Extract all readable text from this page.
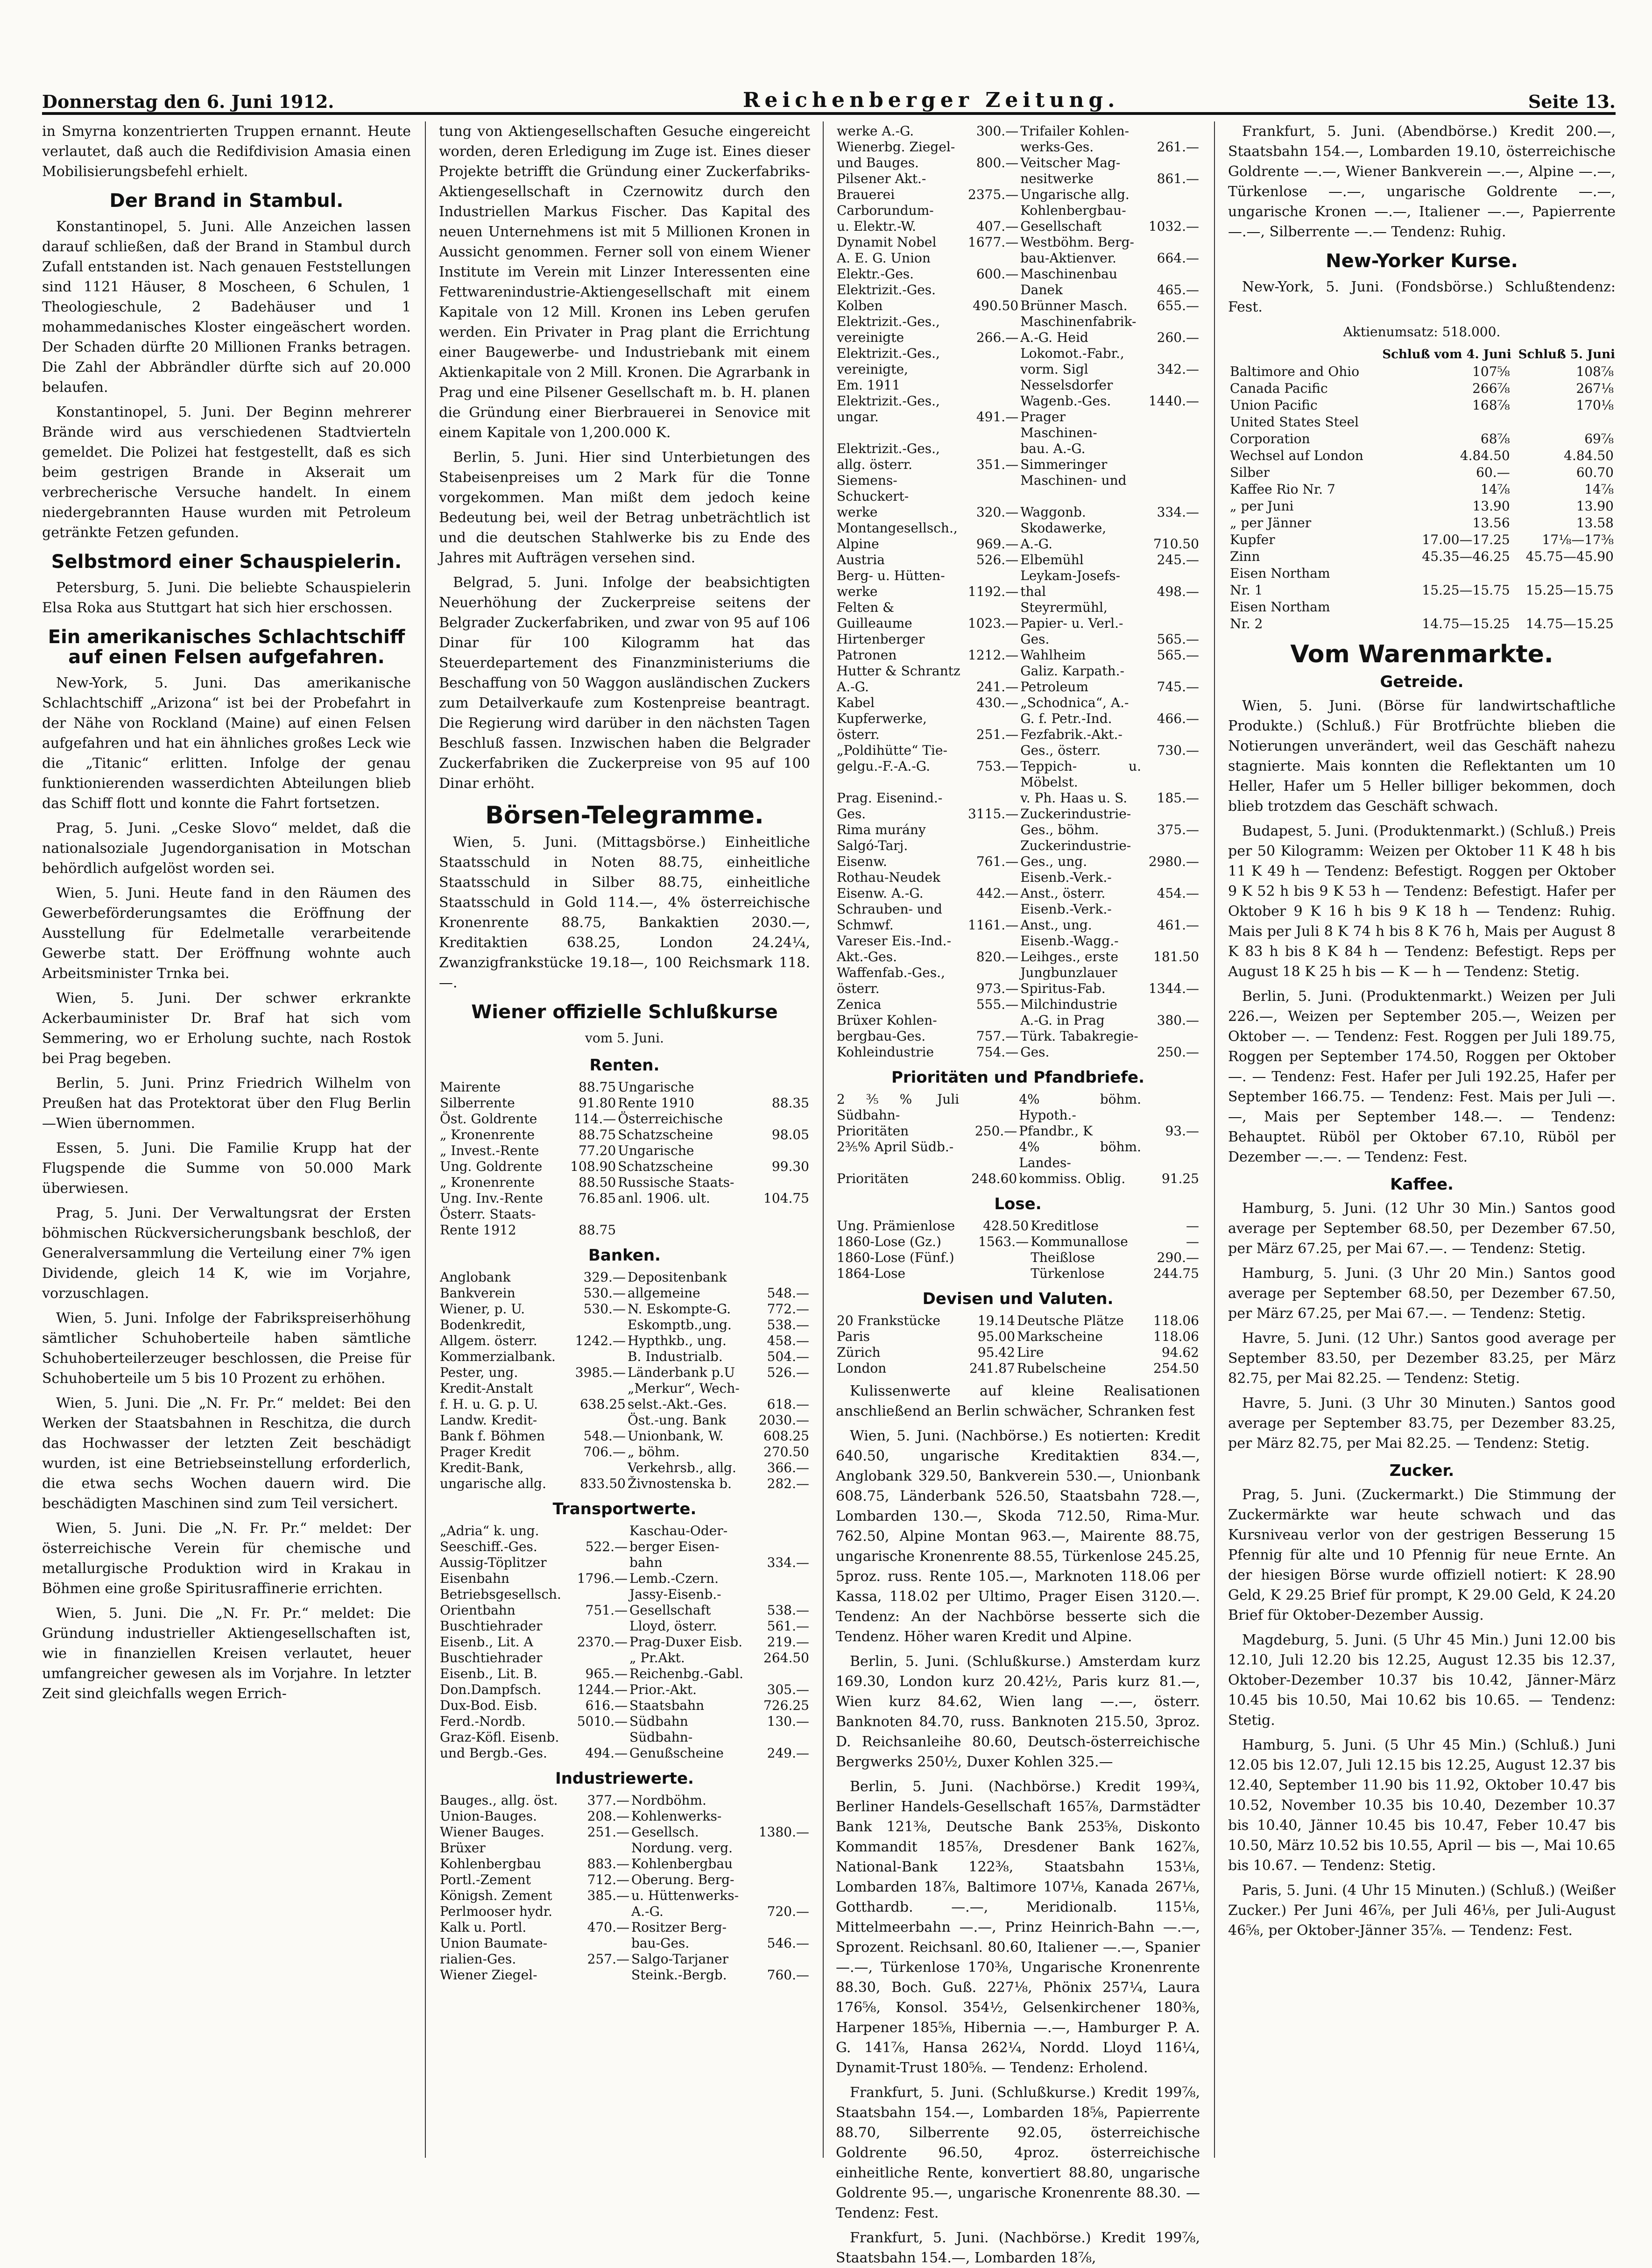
Donnerstag den 6. Juni 1912.	Reichenberger Zeitung.	Seite 13.

in Smyrna konzentrierten Truppen ernannt. Heute verlautet, daß auch die Redifdivision Amasia einen Mobilisierungsbefehl erhielt.

Der Brand in Stambul.

Konstantinopel, 5. Juni. Alle Anzeichen lassen darauf schließen, daß der Brand in Stambul durch Zufall entstanden ist. Nach genauen Feststellungen sind 1121 Häuser, 8 Moscheen, 6 Schulen, 1 Theologieschule, 2 Badehäuser und 1 mohammedanisches Kloster eingeäschert worden. Der Schaden dürfte 20 Millionen Franks betragen. Die Zahl der Abbrändler dürfte sich auf 20.000 belaufen.

Konstantinopel, 5. Juni. Der Beginn mehrerer Brände wird aus verschiedenen Stadtvierteln gemeldet. Die Polizei hat festgestellt, daß es sich beim gestrigen Brande in Akserait um verbrecherische Versuche handelt. In einem niedergebrannten Hause wurden mit Petroleum getränkte Fetzen gefunden.

Selbstmord einer Schauspielerin.

Petersburg, 5. Juni. Die beliebte Schauspielerin Elsa Roka aus Stuttgart hat sich hier erschossen.

Ein amerikanisches Schlachtschiff auf einen Felsen aufgefahren.

New-York, 5. Juni. Das amerikanische Schlachtschiff „Arizona“ ist bei der Probefahrt in der Nähe von Rockland (Maine) auf einen Felsen aufgefahren und hat ein ähnliches großes Leck wie die „Titanic“ erlitten. Infolge der genau funktionierenden wasserdichten Abteilungen blieb das Schiff flott und konnte die Fahrt fortsetzen.

Prag, 5. Juni. „Ceske Slovo“ meldet, daß die nationalsoziale Jugendorganisation in Motschan behördlich aufgelöst worden sei.

Wien, 5. Juni. Heute fand in den Räumen des Gewerbeförderungsamtes die Eröffnung der Ausstellung für Edelmetalle verarbeitende Gewerbe statt. Der Eröffnung wohnte auch Arbeitsminister Trnka bei.

Wien, 5. Juni. Der schwer erkrankte Ackerbauminister Dr. Braf hat sich vom Semmering, wo er Erholung suchte, nach Rostok bei Prag begeben.

Berlin, 5. Juni. Prinz Friedrich Wilhelm von Preußen hat das Protektorat über den Flug Berlin—Wien übernommen.

Essen, 5. Juni. Die Familie Krupp hat der Flugspende die Summe von 50.000 Mark überwiesen.

Prag, 5. Juni. Der Verwaltungsrat der Ersten böhmischen Rückversicherungsbank beschloß, der Generalversammlung die Verteilung einer 7% igen Dividende, gleich 14 K, wie im Vorjahre, vorzuschlagen.

Wien, 5. Juni. Infolge der Fabrikspreiserhöhung sämtlicher Schuhoberteile haben sämtliche Schuhoberteilerzeuger beschlossen, die Preise für Schuhoberteile um 5 bis 10 Prozent zu erhöhen.

Wien, 5. Juni. Die „N. Fr. Pr.“ meldet: Bei den Werken der Staatsbahnen in Reschitza, die durch das Hochwasser der letzten Zeit beschädigt wurden, ist eine Betriebseinstellung erforderlich, die etwa sechs Wochen dauern wird. Die beschädigten Maschinen sind zum Teil versichert.

Wien, 5. Juni. Die „N. Fr. Pr.“ meldet: Der österreichische Verein für chemische und metallurgische Produktion wird in Krakau in Böhmen eine große Spiritusraffinerie errichten.

Wien, 5. Juni. Die „N. Fr. Pr.“ meldet: Die Gründung industrieller Aktiengesellschaften ist, wie in finanziellen Kreisen verlautet, heuer umfangreicher gewesen als im Vorjahre. In letzter Zeit sind gleichfalls wegen Errich-

tung von Aktiengesellschaften Gesuche eingereicht worden, deren Erledigung im Zuge ist. Eines dieser Projekte betrifft die Gründung einer Zuckerfabriks-Aktiengesellschaft in Czernowitz durch den Industriellen Markus Fischer. Das Kapital des neuen Unternehmens ist mit 5 Millionen Kronen in Aussicht genommen. Ferner soll von einem Wiener Institute im Verein mit Linzer Interessenten eine Fettwarenindustrie-Aktiengesellschaft mit einem Kapitale von 12 Mill. Kronen ins Leben gerufen werden. Ein Privater in Prag plant die Errichtung einer Baugewerbe- und Industriebank mit einem Aktienkapitale von 2 Mill. Kronen. Die Agrarbank in Prag und eine Pilsener Gesellschaft m. b. H. planen die Gründung einer Bierbrauerei in Senovice mit einem Kapitale von 1,200.000 K.

Berlin, 5. Juni. Hier sind Unterbietungen des Stabeisenpreises um 2 Mark für die Tonne vorgekommen. Man mißt dem jedoch keine Bedeutung bei, weil der Betrag unbeträchtlich ist und die deutschen Stahlwerke bis zu Ende des Jahres mit Aufträgen versehen sind.

Belgrad, 5. Juni. Infolge der beabsichtigten Neuerhöhung der Zuckerpreise seitens der Belgrader Zuckerfabriken, und zwar von 95 auf 106 Dinar für 100 Kilogramm hat das Steuerdepartement des Finanzministeriums die Beschaffung von 50 Waggon ausländischen Zuckers zum Detailverkaufe zum Kostenpreise beantragt. Die Regierung wird darüber in den nächsten Tagen Beschluß fassen. Inzwischen haben die Belgrader Zuckerfabriken die Zuckerpreise von 95 auf 100 Dinar erhöht.

Börsen-Telegramme.

Wien, 5. Juni. (Mittagsbörse.) Einheitliche Staatsschuld in Noten 88.75, einheitliche Staatsschuld in Silber 88.75, einheitliche Staatsschuld in Gold 114.—, 4% österreichische Kronenrente 88.75, Bankaktien 2030.—, Kreditaktien 638.25, London 24.24¼, Zwanzigfrankstücke 19.18—, 100 Reichsmark 118.—.

Wiener offizielle Schlußkurse
vom 5. Juni.
Renten.
Mairente	88.75	Ungarische	
Silberrente	91.80	Rente 1910	88.35
Öst. Goldrente	114.—	Österreichische	
„ Kronenrente	88.75	Schatzscheine	98.05
„ Invest.-Rente	77.20	Ungarische	
Ung. Goldrente	108.90	Schatzscheine	99.30
„ Kronenrente	88.50	Russische Staats-	
Ung. Inv.-Rente	76.85	anl. 1906. ult.	104.75
Österr. Staats-			
Rente 1912	88.75		
Banken.
Anglobank	329.—	Depositenbank	
Bankverein	530.—	allgemeine	548.—
Wiener, p. U.	530.—	N. Eskompte-G.	772.—
Bodenkredit,		Eskomptb.,ung.	538.—
Allgem. österr.	1242.—	Hypthkb., ung.	458.—
Kommerzialbank.		B. Industrialb.	504.—
Pester, ung.	3985.—	Länderbank p.U	526.—
Kredit-Anstalt		„Merkur“, Wech-	
f. H. u. G. p. U.	638.25	selst.-Akt.-Ges.	618.—
Landw. Kredit-		Öst.-ung. Bank	2030.—
Bank f. Böhmen	548.—	Unionbank, W.	608.25
Prager Kredit	706.—	„ böhm.	270.50
Kredit-Bank,		Verkehrsb., allg.	366.—
ungarische allg.	833.50	Živnostenska b.	282.—
Transportwerte.
„Adria“ k. ung.		Kaschau-Oder-	
Seeschiff.-Ges.	522.—	berger Eisen-	
Aussig-Töplitzer		bahn	334.—
Eisenbahn	1796.—	Lemb.-Czern.	
Betriebsgesellsch.		Jassy-Eisenb.-	
Orientbahn	751.—	Gesellschaft	538.—
Buschtiehrader		Lloyd, österr.	561.—
Eisenb., Lit. A	2370.—	Prag-Duxer Eisb.	219.—
Buschtiehrader		„ Pr.Akt.	264.50
Eisenb., Lit. B.	965.—	Reichenbg.-Gabl.	
Don.Dampfsch.	1244.—	Prior.-Akt.	305.—
Dux-Bod. Eisb.	616.—	Staatsbahn	726.25
Ferd.-Nordb.	5010.—	Südbahn	130.—
Graz-Köfl. Eisenb.		Südbahn-	
und Bergb.-Ges.	494.—	Genußscheine	249.—
Industriewerte.
Bauges., allg. öst.	377.—	Nordböhm.	
Union-Bauges.	208.—	Kohlenwerks-	
Wiener Bauges.	251.—	Gesellsch.	1380.—
Brüxer		Nordung. verg.	
Kohlenbergbau	883.—	Kohlenbergbau	
Portl.-Zement	712.—	Oberung. Berg-	
Königsh. Zement	385.—	u. Hüttenwerks-	
Perlmooser hydr.		A.-G.	720.—
Kalk u. Portl.	470.—	Rositzer Berg-	
Union Baumate-		bau-Ges.	546.—
rialien-Ges.	257.—	Salgo-Tarjaner	
Wiener Ziegel-		Steink.-Bergb.	760.—
werke A.-G.	300.—	Trifailer Kohlen-	
Wienerbg. Ziegel-		werks-Ges.	261.—
und Bauges.	800.—	Veitscher Mag-	
Pilsener Akt.-		nesitwerke	861.—
Brauerei	2375.—	Ungarische allg.	
Carborundum-		Kohlenbergbau-	
u. Elektr.-W.	407.—	Gesellschaft	1032.—
Dynamit Nobel	1677.—	Westböhm. Berg-	
A. E. G. Union		bau-Aktienver.	664.—
Elektr.-Ges.	600.—	Maschinenbau	
Elektrizit.-Ges.		Danek	465.—
Kolben	490.50	Brünner Masch.	655.—
Elektrizit.-Ges.,		Maschinenfabrik-	
vereinigte	266.—	A.-G. Heid	260.—
Elektrizit.-Ges.,		Lokomot.-Fabr.,	
vereinigte,		vorm. Sigl	342.—
Em. 1911		Nesselsdorfer	
Elektrizit.-Ges.,		Wagenb.-Ges.	1440.—
ungar.	491.—	Prager Maschinen-	
Elektrizit.-Ges.,		bau. A.-G.	
allg. österr.	351.—	Simmeringer	
Siemens-Schuckert-		Maschinen- und	
werke	320.—	Waggonb.	334.—
Montangesellsch.,		Skodawerke,	
Alpine	969.—	A.-G.	710.50
Austria	526.—	Elbemühl	245.—
Berg- u. Hütten-		Leykam-Josefs-	
werke	1192.—	thal	498.—
Felten &		Steyrermühl,	
Guilleaume	1023.—	Papier- u. Verl.-	
Hirtenberger		Ges.	565.—
Patronen	1212.—	Wahlheim	565.—
Hutter & Schrantz		Galiz. Karpath.-	
A.-G.	241.—	Petroleum	745.—
Kabel	430.—	„Schodnica“, A.-	
Kupferwerke,		G. f. Petr.-Ind.	466.—
österr.	251.—	Fezfabrik.-Akt.-	
„Poldihütte“ Tie-		Ges., österr.	730.—
gelgu.-F.-A.-G.	753.—	Teppich- u. Möbelst.	
Prag. Eisenind.-		v. Ph. Haas u. S.	185.—
Ges.	3115.—	Zuckerindustrie-	
Rima murány		Ges., böhm.	375.—
Salgó-Tarj.		Zuckerindustrie-	
Eisenw.	761.—	Ges., ung.	2980.—
Rothau-Neudek		Eisenb.-Verk.-	
Eisenw. A.-G.	442.—	Anst., österr.	454.—
Schrauben- und		Eisenb.-Verk.-	
Schmwf.	1161.—	Anst., ung.	461.—
Vareser Eis.-Ind.-		Eisenb.-Wagg.-	
Akt.-Ges.	820.—	Leihges., erste	181.50
Waffenfab.-Ges.,		Jungbunzlauer	
österr.	973.—	Spiritus-Fab.	1344.—
Zenica	555.—	Milchindustrie	
Brüxer Kohlen-		A.-G. in Prag	380.—
bergbau-Ges.	757.—	Türk. Tabakregie-	
Kohleindustrie	754.—	Ges.	250.—
Prioritäten und Pfandbriefe.
2⅗% Juli Südbahn-		4% böhm. Hypoth.-	
Prioritäten	250.—	Pfandbr., K	93.—
2⅗% April Südb.-		4% böhm. Landes-	
Prioritäten	248.60	kommiss. Oblig.	91.25
Lose.
Ung. Prämienlose	428.50	Kreditlose	—
1860-Lose (Gz.)	1563.—	Kommunallose	—
1860-Lose (Fünf.)		Theißlose	290.—
1864-Lose		Türkenlose	244.75
Devisen und Valuten.
20 Frankstücke	19.14	Deutsche Plätze	118.06
Paris	95.00	Markscheine	118.06
Zürich	95.42	Lire	94.62
London	241.87	Rubelscheine	254.50

Kulissenwerte auf kleine Realisationen anschließend an Berlin schwächer, Schranken fest

Wien, 5. Juni. (Nachbörse.) Es notierten: Kredit 640.50, ungarische Kreditaktien 834.—, Anglobank 329.50, Bankverein 530.—, Unionbank 608.75, Länderbank 526.50, Staatsbahn 728.—, Lombarden 130.—, Skoda 712.50, Rima-Mur. 762.50, Alpine Montan 963.—, Mairente 88.75, ungarische Kronenrente 88.55, Türkenlose 245.25, 5proz. russ. Rente 105.—, Marknoten 118.06 per Kassa, 118.02 per Ultimo, Prager Eisen 3120.—. Tendenz: An der Nachbörse besserte sich die Tendenz. Höher waren Kredit und Alpine.

Berlin, 5. Juni. (Schlußkurse.) Amsterdam kurz 169.30, London kurz 20.42½, Paris kurz 81.—, Wien kurz 84.62, Wien lang —.—, österr. Banknoten 84.70, russ. Banknoten 215.50, 3proz. D. Reichsanleihe 80.60, Deutsch-österreichische Bergwerks 250½, Duxer Kohlen 325.—

Berlin, 5. Juni. (Nachbörse.) Kredit 199¾, Berliner Handels-Gesellschaft 165⅞, Darmstädter Bank 121⅜, Deutsche Bank 253⅝, Diskonto Kommandit 185⅞, Dresdener Bank 162⅞, National-Bank 122⅜, Staatsbahn 153⅛, Lombarden 18⅞, Baltimore 107⅛, Kanada 267⅛, Gotthardb. —.—, Meridionalb. 115⅛, Mittelmeerbahn —.—, Prinz Heinrich-Bahn —.—, Sprozent. Reichsanl. 80.60, Italiener —.—, Spanier —.—, Türkenlose 170⅜, Ungarische Kronenrente 88.30, Boch. Guß. 227⅛, Phönix 257¼, Laura 176⅝, Konsol. 354½, Gelsenkirchener 180⅜, Harpener 185⅝, Hibernia —.—, Hamburger P. A. G. 141⅞, Hansa 262¼, Nordd. Lloyd 116¼, Dynamit-Trust 180⅝. — Tendenz: Erholend.

Frankfurt, 5. Juni. (Schlußkurse.) Kredit 199⅞, Staatsbahn 154.—, Lombarden 18⅝, Papierrente 88.70, Silberrente 92.05, österreichische Goldrente 96.50, 4proz. österreichische einheitliche Rente, konvertiert 88.80, ungarische Goldrente 95.—, ungarische Kronenrente 88.30. — Tendenz: Fest.

Frankfurt, 5. Juni. (Nachbörse.) Kredit 199⅞, Staatsbahn 154.—, Lombarden 18⅞,

Frankfurt, 5. Juni. (Abendbörse.) Kredit 200.—, Staatsbahn 154.—, Lombarden 19.10, österreichische Goldrente —.—, Wiener Bankverein —.—, Alpine —.—, Türkenlose —.—, ungarische Goldrente —.—, ungarische Kronen —.—, Italiener —.—, Papierrente —.—, Silberrente —.— Tendenz: Ruhig.

New-Yorker Kurse.

New-York, 5. Juni. (Fondsbörse.) Schlußtendenz: Fest.

Aktienumsatz: 518.000.
	Schluß vom 4. Juni	Schluß 5. Juni
Baltimore and Ohio	107⅝	108⅞
Canada Pacific	266⅞	267⅛
Union Pacific	168⅞	170⅛
United States Steel		
Corporation	68⅞	69⅞
Wechsel auf London	4.84.50	4.84.50
Silber	60.—	60.70
Kaffee Rio Nr. 7	14⅞	14⅞
„ per Juni	13.90	13.90
„ per Jänner	13.56	13.58
Kupfer	17.00—17.25	17⅛—17⅜
Zinn	45.35—46.25	45.75—45.90
Eisen Northam		
Nr. 1	15.25—15.75	15.25—15.75
Eisen Northam		
Nr. 2	14.75—15.25	14.75—15.25
Vom Warenmarkte.
Getreide.

Wien, 5. Juni. (Börse für landwirtschaftliche Produkte.) (Schluß.) Für Brotfrüchte blieben die Notierungen unverändert, weil das Geschäft nahezu stagnierte. Mais konnten die Reflektanten um 10 Heller, Hafer um 5 Heller billiger bekommen, doch blieb trotzdem das Geschäft schwach.

Budapest, 5. Juni. (Produktenmarkt.) (Schluß.) Preis per 50 Kilogramm: Weizen per Oktober 11 K 48 h bis 11 K 49 h — Tendenz: Befestigt. Roggen per Oktober 9 K 52 h bis 9 K 53 h — Tendenz: Befestigt. Hafer per Oktober 9 K 16 h bis 9 K 18 h — Tendenz: Ruhig. Mais per Juli 8 K 74 h bis 8 K 76 h, Mais per August 8 K 83 h bis 8 K 84 h — Tendenz: Befestigt. Reps per August 18 K 25 h bis — K — h — Tendenz: Stetig.

Berlin, 5. Juni. (Produktenmarkt.) Weizen per Juli 226.—, Weizen per September 205.—, Weizen per Oktober —. — Tendenz: Fest. Roggen per Juli 189.75, Roggen per September 174.50, Roggen per Oktober —. — Tendenz: Fest. Hafer per Juli 192.25, Hafer per September 166.75. — Tendenz: Fest. Mais per Juli —.—, Mais per September 148.—. — Tendenz: Behauptet. Rüböl per Oktober 67.10, Rüböl per Dezember —.—. — Tendenz: Fest.

Kaffee.

Hamburg, 5. Juni. (12 Uhr 30 Min.) Santos good average per September 68.50, per Dezember 67.50, per März 67.25, per Mai 67.—. — Tendenz: Stetig.

Hamburg, 5. Juni. (3 Uhr 20 Min.) Santos good average per September 68.50, per Dezember 67.50, per März 67.25, per Mai 67.—. — Tendenz: Stetig.

Havre, 5. Juni. (12 Uhr.) Santos good average per September 83.50, per Dezember 83.25, per März 82.75, per Mai 82.25. — Tendenz: Stetig.

Havre, 5. Juni. (3 Uhr 30 Minuten.) Santos good average per September 83.75, per Dezember 83.25, per März 82.75, per Mai 82.25. — Tendenz: Stetig.

Zucker.

Prag, 5. Juni. (Zuckermarkt.) Die Stimmung der Zuckermärkte war heute schwach und das Kursniveau verlor von der gestrigen Besserung 15 Pfennig für alte und 10 Pfennig für neue Ernte. An der hiesigen Börse wurde offiziell notiert: K 28.90 Geld, K 29.25 Brief für prompt, K 29.00 Geld, K 24.20 Brief für Oktober-Dezember Aussig.

Magdeburg, 5. Juni. (5 Uhr 45 Min.) Juni 12.00 bis 12.10, Juli 12.20 bis 12.25, August 12.35 bis 12.37, Oktober-Dezember 10.37 bis 10.42, Jänner-März 10.45 bis 10.50, Mai 10.62 bis 10.65. — Tendenz: Stetig.

Hamburg, 5. Juni. (5 Uhr 45 Min.) (Schluß.) Juni 12.05 bis 12.07, Juli 12.15 bis 12.25, August 12.37 bis 12.40, September 11.90 bis 11.92, Oktober 10.47 bis 10.52, November 10.35 bis 10.40, Dezember 10.37 bis 10.40, Jänner 10.45 bis 10.47, Feber 10.47 bis 10.50, März 10.52 bis 10.55, April — bis —, Mai 10.65 bis 10.67. — Tendenz: Stetig.

Paris, 5. Juni. (4 Uhr 15 Minuten.) (Schluß.) (Weißer Zucker.) Per Juni 46⅞, per Juli 46⅛, per Juli-August 46⅝, per Oktober-Jänner 35⅞. — Tendenz: Fest.
